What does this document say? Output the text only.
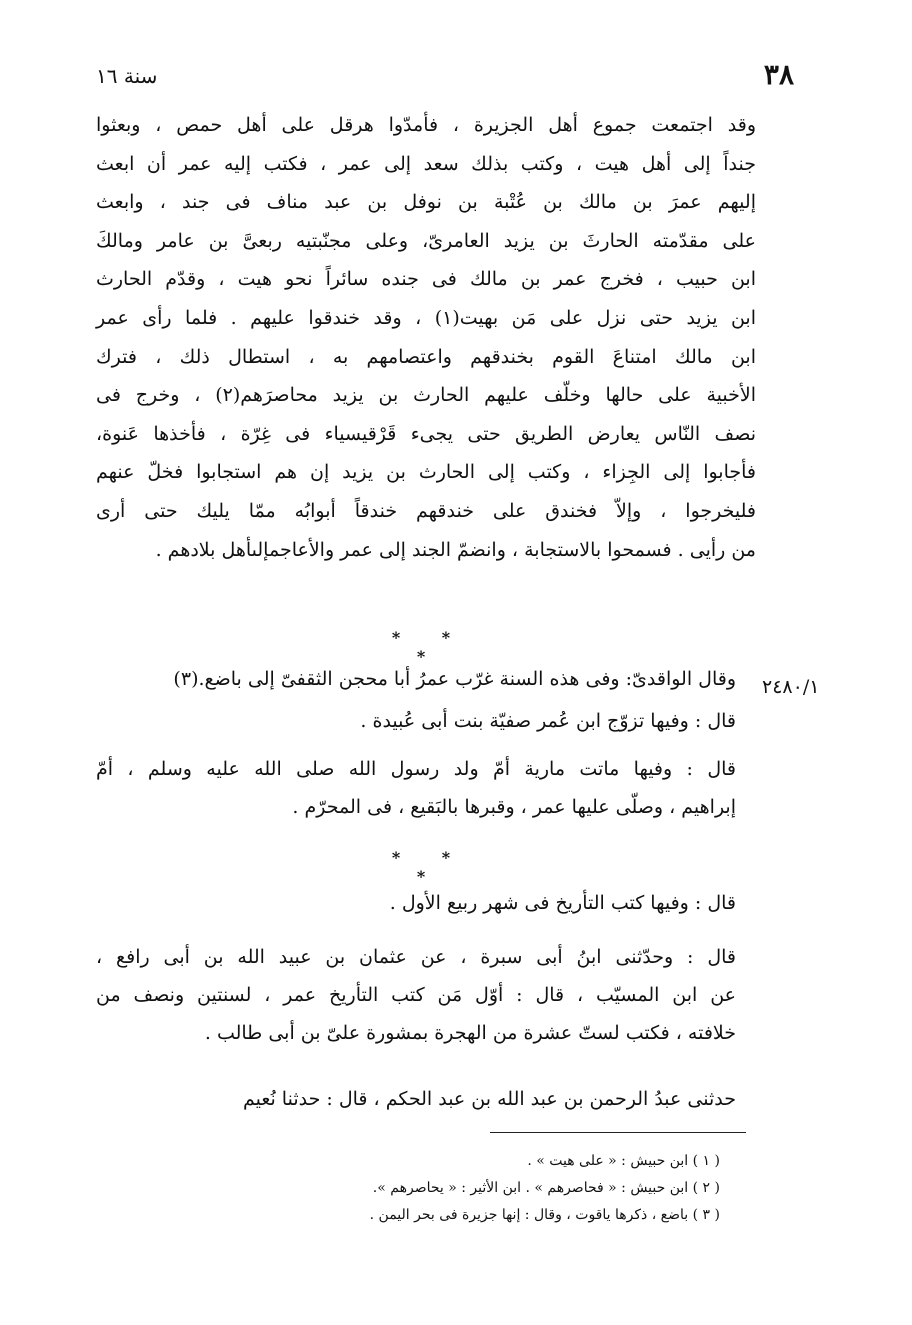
٣٨
سنة ١٦
وقد اجتمعت جموع أهل الجزيرة ، فأمدّوا هرقل على أهل حمص ، وبعثوا
جنداً إلى أهل هيت ، وكتب بذلك سعد إلى عمر ، فكتب إليه عمر أن ابعث
إليهم عمرَ بن مالك بن عُتْبة بن نوفل بن عبد مناف فى جند ، وابعث
على مقدّمته الحارثَ بن يزيد العامرىّ، وعلى مجنّبتيه ربعىَّ بن عامر ومالكَ
ابن حبيب ، فخرج عمر بن مالك فى جنده سائراً نحو هيت ، وقدّم الحارث
ابن يزيد حتى نزل على مَن بهيت(١) ، وقد خندقوا عليهم . فلما رأى عمر
ابن مالك امتناعَ القوم بخندقهم واعتصامهم به ، استطال ذلك ، فترك
الأخبية على حالها وخلّف عليهم الحارث بن يزيد محاصرَهم(٢) ، وخرج فى
نصف النّاس يعارض الطريق حتى يجىء قَرْقيسياء فى غِرّة ، فأخذها عَنوة،
فأجابوا إلى الجِزاء ، وكتب إلى الحارث بن يزيد إن هم استجابوا فخلّ عنهم
فليخرجوا ، وإلاّ فخندق على خندقهم خندقاً أبوابُه ممّا يليك حتى أرى
من رأيى . فسمحوا بالاستجابة ، وانضمّ الجند إلى عمر والأعاجمإلىأهل بلادهم .
* * *
٢٤٨٠/١
وقال الواقدىّ: وفى هذه السنة غرّب عمرُ أبا محجن الثقفىّ إلى باضع.(٣)
قال : وفيها تزوّج ابن عُمر صفيّة بنت أبى عُبيدة .
قال : وفيها ماتت مارية أمّ ولد رسول الله صلى الله عليه وسلم ، أمّ
إبراهيم ، وصلّى عليها عمر ، وقبرها بالبَقيع ، فى المحرّم .
* * *
قال : وفيها كتب التأريخ فى شهر ربيع الأول .
قال : وحدّثنى ابنُ أبى سبرة ، عن عثمان بن عبيد الله بن أبى رافع ،
عن ابن المسيّب ، قال : أوّل مَن كتب التأريخ عمر ، لسنتين ونصف من
خلافته ، فكتب لستّ عشرة من الهجرة بمشورة علىّ بن أبى طالب .
حدثنى عبدُ الرحمن بن عبد الله بن عبد الحكم ، قال : حدثنا نُعيم
( ١ ) ابن حبيش : « على هيت » .
( ٢ ) ابن حبيش : « فحاصرهم » . ابن الأثير : « يحاصرهم ».
( ٣ ) باضع ، ذكرها ياقوت ، وقال : إنها جزيرة فى بحر اليمن .
